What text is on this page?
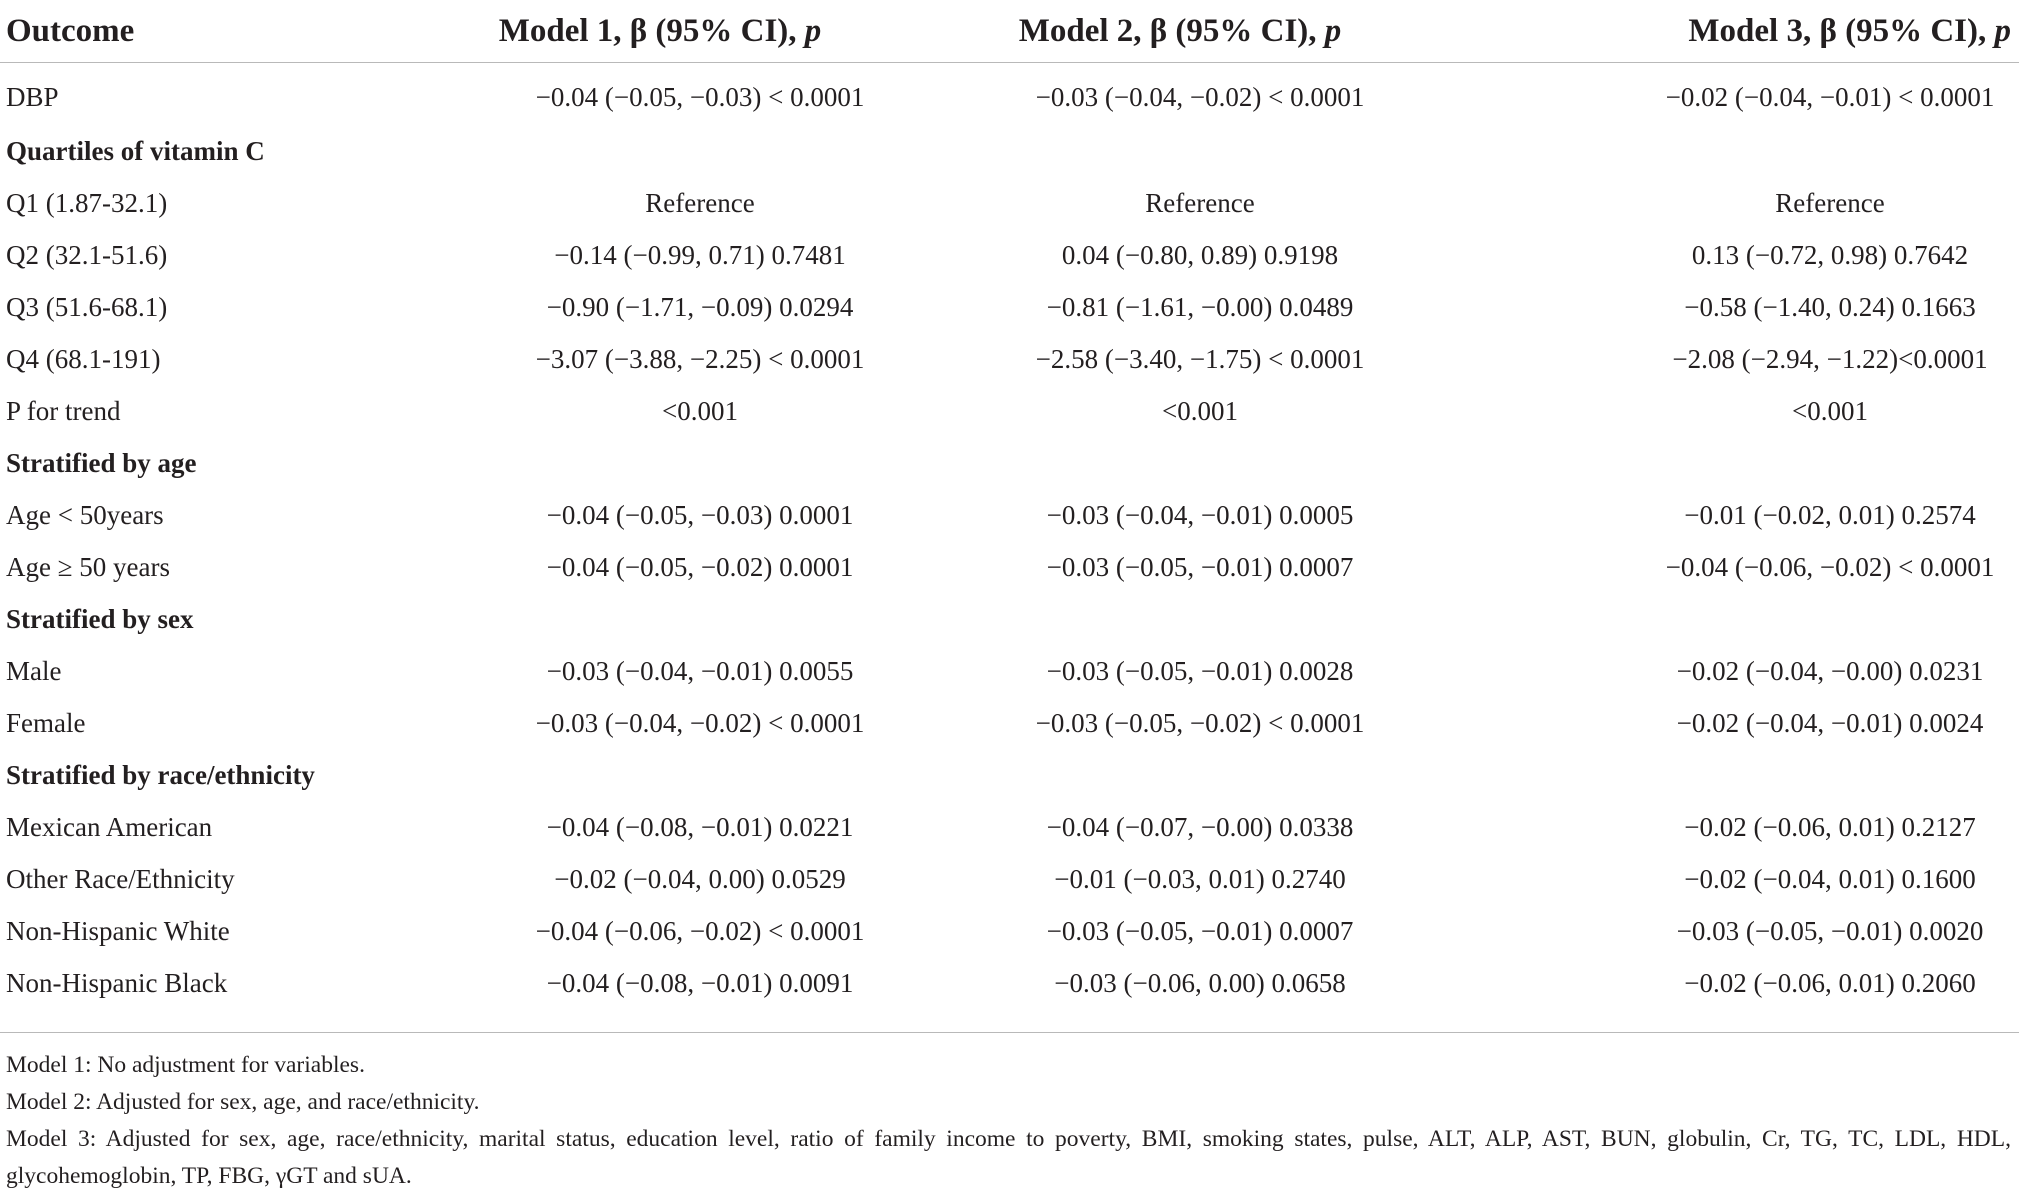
Outcome	Model 1, β (95% CI), p	Model 2, β (95% CI), p	Model 3, β (95% CI), p
DBP	−0.04 (−0.05, −0.03) < 0.0001	−0.03 (−0.04, −0.02) < 0.0001	−0.02 (−0.04, −0.01) < 0.0001
Quartiles of vitamin C			
Q1 (1.87-32.1)	Reference	Reference	Reference
Q2 (32.1-51.6)	−0.14 (−0.99, 0.71) 0.7481	0.04 (−0.80, 0.89) 0.9198	0.13 (−0.72, 0.98) 0.7642
Q3 (51.6-68.1)	−0.90 (−1.71, −0.09) 0.0294	−0.81 (−1.61, −0.00) 0.0489	−0.58 (−1.40, 0.24) 0.1663
Q4 (68.1-191)	−3.07 (−3.88, −2.25) < 0.0001	−2.58 (−3.40, −1.75) < 0.0001	−2.08 (−2.94, −1.22)<0.0001
P for trend	<0.001	<0.001	<0.001
Stratified by age			
Age < 50years	−0.04 (−0.05, −0.03) 0.0001	−0.03 (−0.04, −0.01) 0.0005	−0.01 (−0.02, 0.01) 0.2574
Age ≥ 50 years	−0.04 (−0.05, −0.02) 0.0001	−0.03 (−0.05, −0.01) 0.0007	−0.04 (−0.06, −0.02) < 0.0001
Stratified by sex			
Male	−0.03 (−0.04, −0.01) 0.0055	−0.03 (−0.05, −0.01) 0.0028	−0.02 (−0.04, −0.00) 0.0231
Female	−0.03 (−0.04, −0.02) < 0.0001	−0.03 (−0.05, −0.02) < 0.0001	−0.02 (−0.04, −0.01) 0.0024
Stratified by race/ethnicity			
Mexican American	−0.04 (−0.08, −0.01) 0.0221	−0.04 (−0.07, −0.00) 0.0338	−0.02 (−0.06, 0.01) 0.2127
Other Race/Ethnicity	−0.02 (−0.04, 0.00) 0.0529	−0.01 (−0.03, 0.01) 0.2740	−0.02 (−0.04, 0.01) 0.1600
Non-Hispanic White	−0.04 (−0.06, −0.02) < 0.0001	−0.03 (−0.05, −0.01) 0.0007	−0.03 (−0.05, −0.01) 0.0020
Non-Hispanic Black	−0.04 (−0.08, −0.01) 0.0091	−0.03 (−0.06, 0.00) 0.0658	−0.02 (−0.06, 0.01) 0.2060

Model 1: No adjustment for variables.

Model 2: Adjusted for sex, age, and race/ethnicity.

Model 3: Adjusted for sex, age, race/ethnicity, marital status, education level, ratio of family income to poverty, BMI, smoking states, pulse, ALT, ALP, AST, BUN, globulin, Cr, TG, TC, LDL, HDL, glycohemoglobin, TP, FBG, γGT and sUA.
